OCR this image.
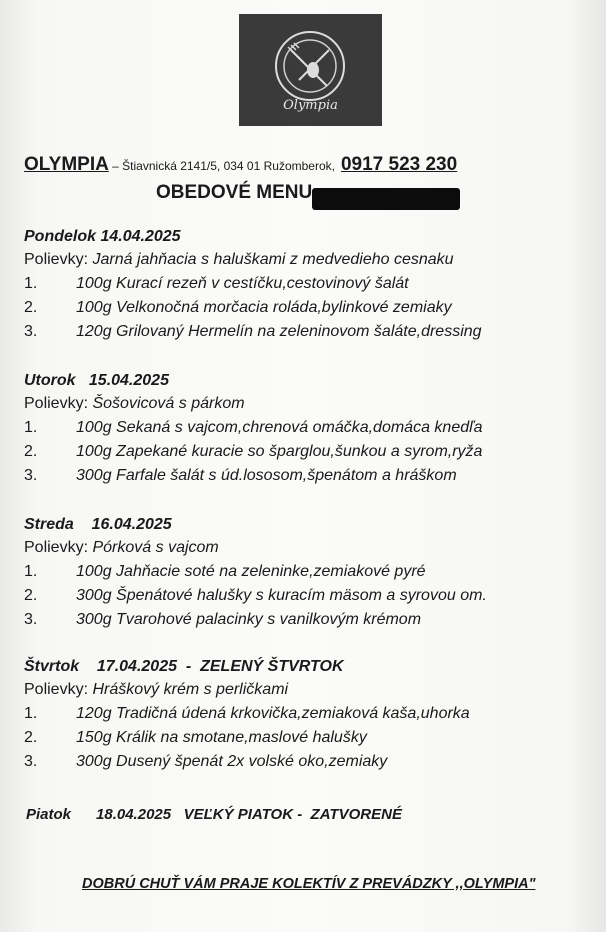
Olympia
OLYMPIA – Štiavnická 2141/5, 034 01 Ružomberok, 0917 523 230
OBEDOVÉ MENU
Pondelok 14.04.2025
Polievky: Jarná jahňacia s haluškami z medvedieho cesnaku
1.	100g Kurací rezeň v cestíčku,cestovinový šalát
2.	100g Velkonočná morčacia roláda,bylinkové zemiaky
3.	120g Grilovaný Hermelín na zeleninovom šaláte,dressing
Utorok   15.04.2025
Polievky: Šošovicová s párkom
1.	100g Sekaná s vajcom,chrenová omáčka,domáca knedľa
2.	100g Zapekané kuracie so šparglou,šunkou a syrom,ryža
3.	300g Farfale šalát s úd.lososom,špenátom a hráškom
Streda    16.04.2025
Polievky: Pórková s vajcom
1.	100g Jahňacie soté na zeleninke,zemiakové pyré
2.	300g Špenátové halušky s kuracím mäsom a syrovou om.
3.	300g Tvarohové palacinky s vanilkovým krémom
Štvrtok    17.04.2025  -  ZELENÝ ŠTVRTOK
Polievky: Hráškový krém s perličkami
1.	120g Tradičná údená krkovička,zemiaková kaša,uhorka
2.	150g Králik na smotane,maslové halušky
3.	300g Dusený špenát 2x volské oko,zemiaky
Piatok      18.04.2025   VEĽKÝ PIATOK -  ZATVORENÉ
DOBRÚ CHUŤ VÁM PRAJE KOLEKTÍV Z PREVÁDZKY ,,OLYMPIA"
